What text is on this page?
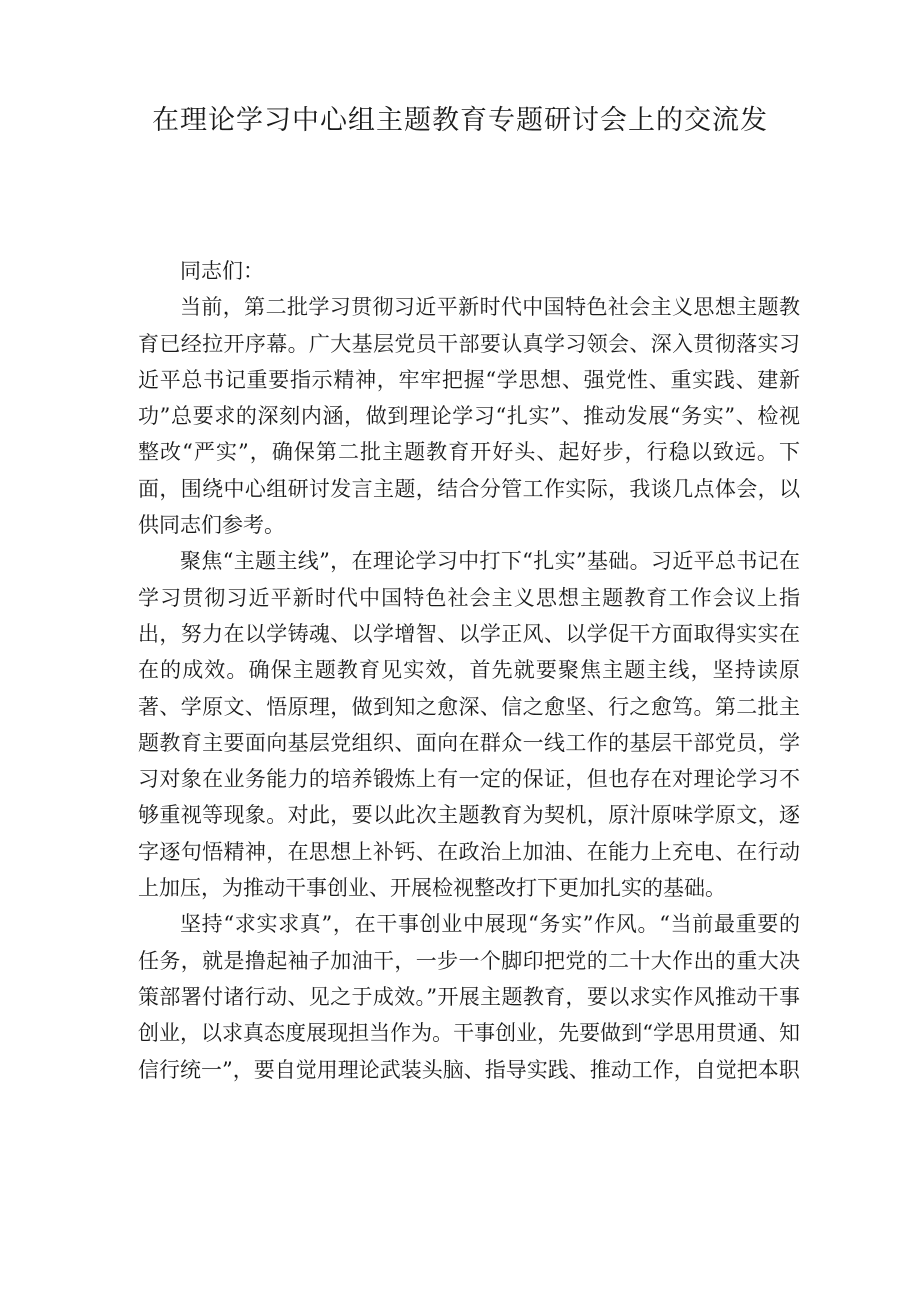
在理论学习中心组主题教育专题研讨会上的交流发

同志们：

当前，第二批学习贯彻习近平新时代中国特色社会主义思想主题教育已经拉开序幕。广大基层党员干部要认真学习领会、深入贯彻落实习近平总书记重要指示精神，牢牢把握“学思想、强党性、重实践、建新功”总要求的深刻内涵，做到理论学习“扎实”、推动发展“务实”、检视整改“严实”，确保第二批主题教育开好头、起好步，行稳以致远。下面，围绕中心组研讨发言主题，结合分管工作实际，我谈几点体会，以供同志们参考。

聚焦“主题主线”，在理论学习中打下“扎实”基础。习近平总书记在学习贯彻习近平新时代中国特色社会主义思想主题教育工作会议上指出，努力在以学铸魂、以学增智、以学正风、以学促干方面取得实实在在的成效。确保主题教育见实效，首先就要聚焦主题主线，坚持读原著、学原文、悟原理，做到知之愈深、信之愈坚、行之愈笃。第二批主题教育主要面向基层党组织、面向在群众一线工作的基层干部党员，学习对象在业务能力的培养锻炼上有一定的保证，但也存在对理论学习不够重视等现象。对此，要以此次主题教育为契机，原汁原味学原文，逐字逐句悟精神，在思想上补钙、在政治上加油、在能力上充电、在行动上加压，为推动干事创业、开展检视整改打下更加扎实的基础。

坚持“求实求真”，在干事创业中展现“务实”作风。“当前最重要的任务，就是撸起袖子加油干，一步一个脚印把党的二十大作出的重大决策部署付诸行动、见之于成效。”开展主题教育，要以求实作风推动干事创业，以求真态度展现担当作为。干事创业，先要做到“学思用贯通、知信行统一”，要自觉用理论武装头脑、指导实践、推动工作，自觉把本职
